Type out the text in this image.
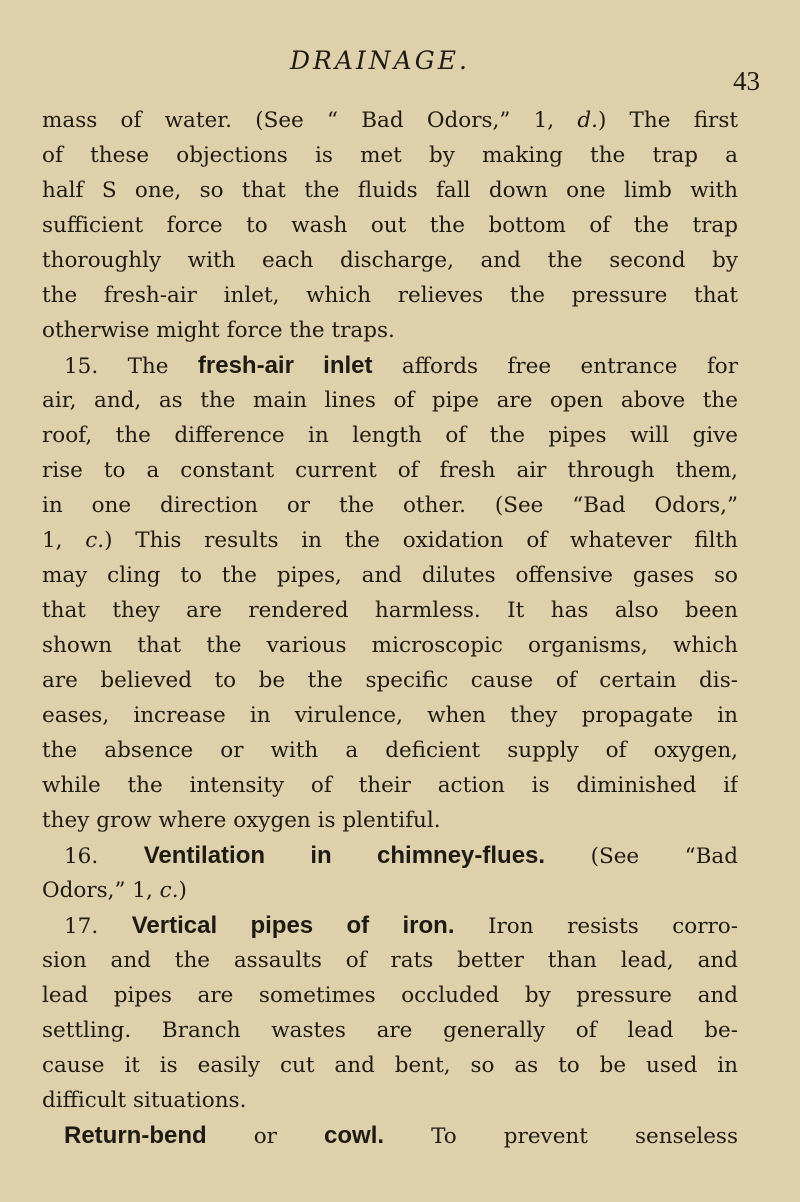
DRAINAGE.
43
mass of water. (See “ Bad Odors,” 1, d.) The first
of these objections is met by making the trap a
half S one, so that the fluids fall down one limb with
sufficient force to wash out the bottom of the trap
thoroughly with each discharge, and the second by
the fresh-air inlet, which relieves the pressure that
otherwise might force the traps.
15. The fresh-air inlet affords free entrance for
air, and, as the main lines of pipe are open above the
roof, the difference in length of the pipes will give
rise to a constant current of fresh air through them,
in one direction or the other. (See “Bad Odors,”
1, c.) This results in the oxidation of whatever filth
may cling to the pipes, and dilutes offensive gases so
that they are rendered harmless. It has also been
shown that the various microscopic organisms, which
are believed to be the specific cause of certain dis-
eases, increase in virulence, when they propagate in
the absence or with a deficient supply of oxygen,
while the intensity of their action is diminished if
they grow where oxygen is plentiful.
16. Ventilation in chimney-flues. (See “Bad
Odors,” 1, c.)
17. Vertical pipes of iron. Iron resists corro-
sion and the assaults of rats better than lead, and
lead pipes are sometimes occluded by pressure and
settling. Branch wastes are generally of lead be-
cause it is easily cut and bent, so as to be used in
difficult situations.
Return-bend or cowl. To prevent senseless
